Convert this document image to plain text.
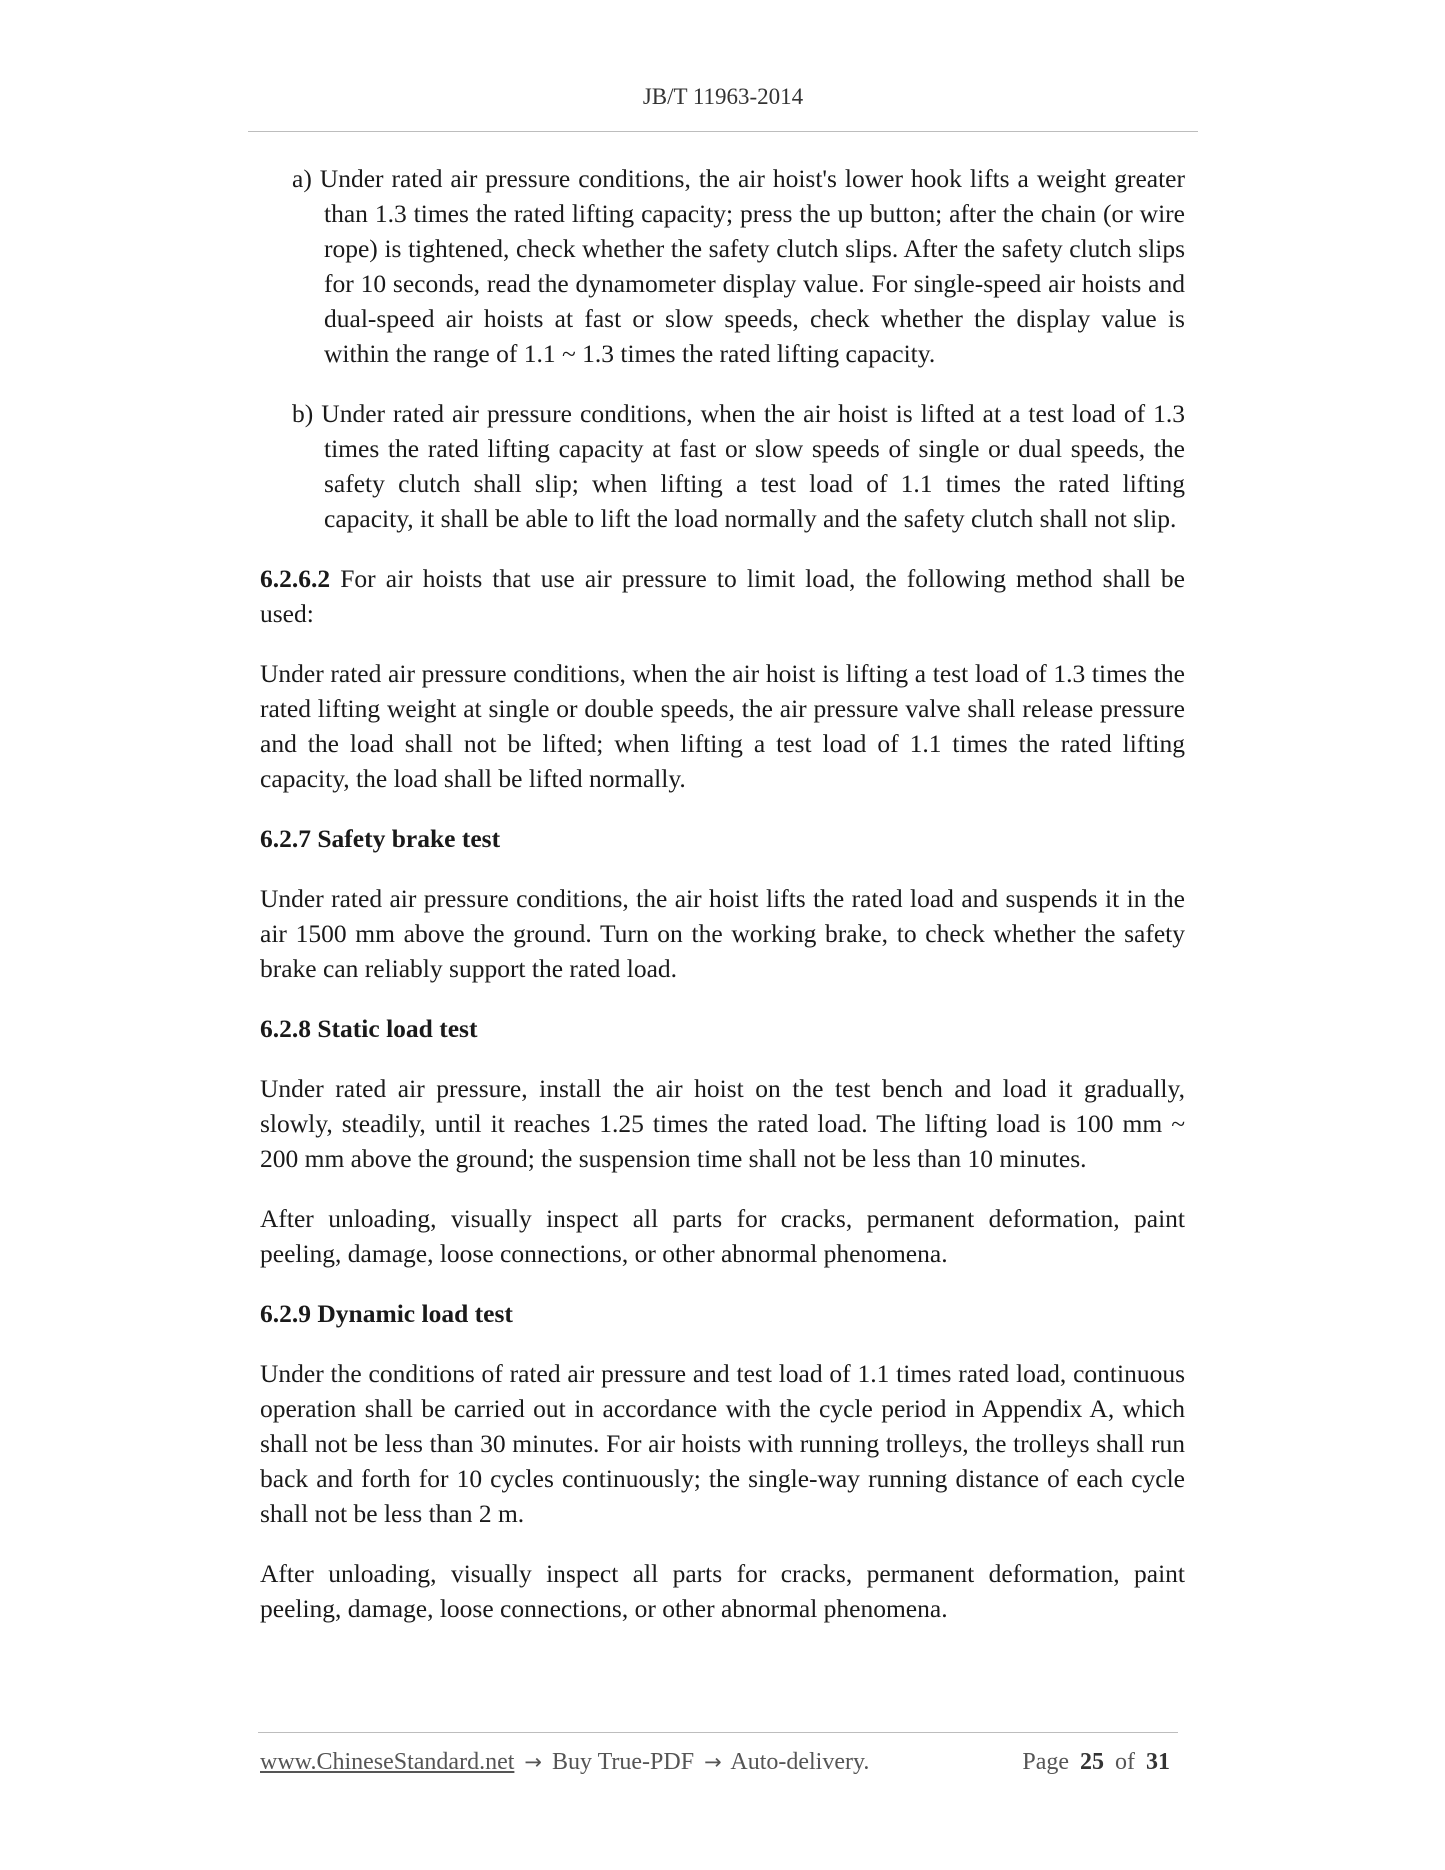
JB/T 11963-2014

a) Under rated air pressure conditions, the air hoist's lower hook lifts a weight greater than 1.3 times the rated lifting capacity; press the up button; after the chain (or wire rope) is tightened, check whether the safety clutch slips. After the safety clutch slips for 10 seconds, read the dynamometer display value. For single-speed air hoists and dual-speed air hoists at fast or slow speeds, check whether the display value is within the range of 1.1 ~ 1.3 times the rated lifting capacity.

b) Under rated air pressure conditions, when the air hoist is lifted at a test load of 1.3 times the rated lifting capacity at fast or slow speeds of single or dual speeds, the safety clutch shall slip; when lifting a test load of 1.1 times the rated lifting capacity, it shall be able to lift the load normally and the safety clutch shall not slip.

6.2.6.2 For air hoists that use air pressure to limit load, the following method shall be used:

Under rated air pressure conditions, when the air hoist is lifting a test load of 1.3 times the rated lifting weight at single or double speeds, the air pressure valve shall release pressure and the load shall not be lifted; when lifting a test load of 1.1 times the rated lifting capacity, the load shall be lifted normally.

6.2.7 Safety brake test

Under rated air pressure conditions, the air hoist lifts the rated load and suspends it in the air 1500 mm above the ground. Turn on the working brake, to check whether the safety brake can reliably support the rated load.

6.2.8 Static load test

Under rated air pressure, install the air hoist on the test bench and load it gradually, slowly, steadily, until it reaches 1.25 times the rated load. The lifting load is 100 mm ~ 200 mm above the ground; the suspension time shall not be less than 10 minutes.

After unloading, visually inspect all parts for cracks, permanent deformation, paint peeling, damage, loose connections, or other abnormal phenomena.

6.2.9 Dynamic load test

Under the conditions of rated air pressure and test load of 1.1 times rated load, continuous operation shall be carried out in accordance with the cycle period in Appendix A, which shall not be less than 30 minutes. For air hoists with running trolleys, the trolleys shall run back and forth for 10 cycles continuously; the single-way running distance of each cycle shall not be less than 2 m.

After unloading, visually inspect all parts for cracks, permanent deformation, paint peeling, damage, loose connections, or other abnormal phenomena.

www.ChineseStandard.net → Buy True-PDF → Auto-delivery.	Page 25 of 31
